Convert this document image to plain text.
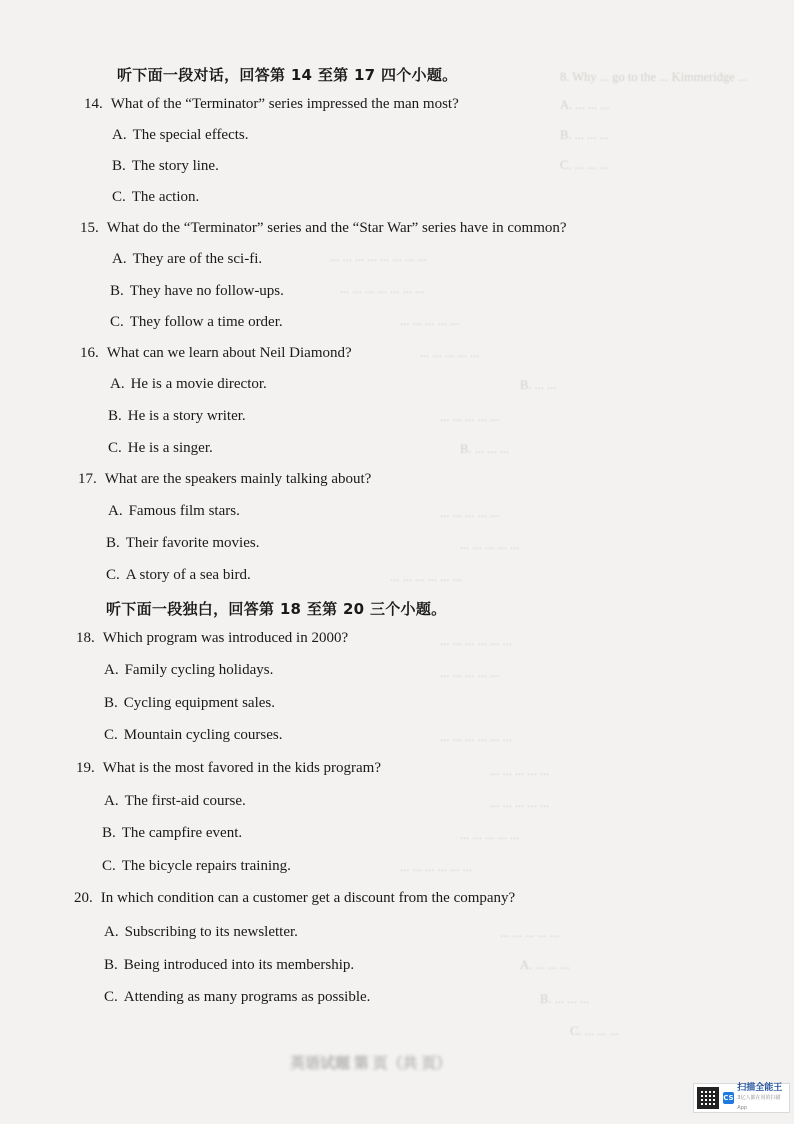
8. Why ... go to the ... Kimmeridge ...
A. ... ... ...
B. ... ... ...
C. ... ... ...
... ... ... ... ... ... ... ...
... ... ... ... ... ... ...
... ... ... ... ...
... ... ... ... ...
B. ... ...
... ... ... ... ...
B. ... ... ...
... ... ... ... ...
... ... ... ... ...
... ... ... ... ... ...
... ... ... ... ... ...
... ... ... ... ...
... ... ... ... ... ...
... ... ... ... ...
... ... ... ... ...
... ... ... ... ...
... ... ... ... ... ...
... ... ... ... ...
A. ... ... ...
B. ... ... ...
C. ... ... ...
听下面一段对话，回答第 14 至第 17 四个小题。
14. What of the “Terminator” series impressed the man most?
A. The special effects.
B. The story line.
C. The action.
15. What do the “Terminator” series and the “Star War” series have in common?
A. They are of the sci-fi.
B. They have no follow-ups.
C. They follow a time order.
16. What can we learn about Neil Diamond?
A. He is a movie director.
B. He is a story writer.
C. He is a singer.
17. What are the speakers mainly talking about?
A. Famous film stars.
B. Their favorite movies.
C. A story of a sea bird.
听下面一段独白，回答第 18 至第 20 三个小题。
18. Which program was introduced in 2000?
A. Family cycling holidays.
B. Cycling equipment sales.
C. Mountain cycling courses.
19. What is the most favored in the kids program?
A. The first-aid course.
B. The campfire event.
C. The bicycle repairs training.
20. In which condition can a customer get a discount from the company?
A. Subscribing to its newsletter.
B. Being introduced into its membership.
C. Attending as many programs as possible.
英语试题 第 页（共 页）
CS
扫描全能王
3亿人都在用的扫描App
